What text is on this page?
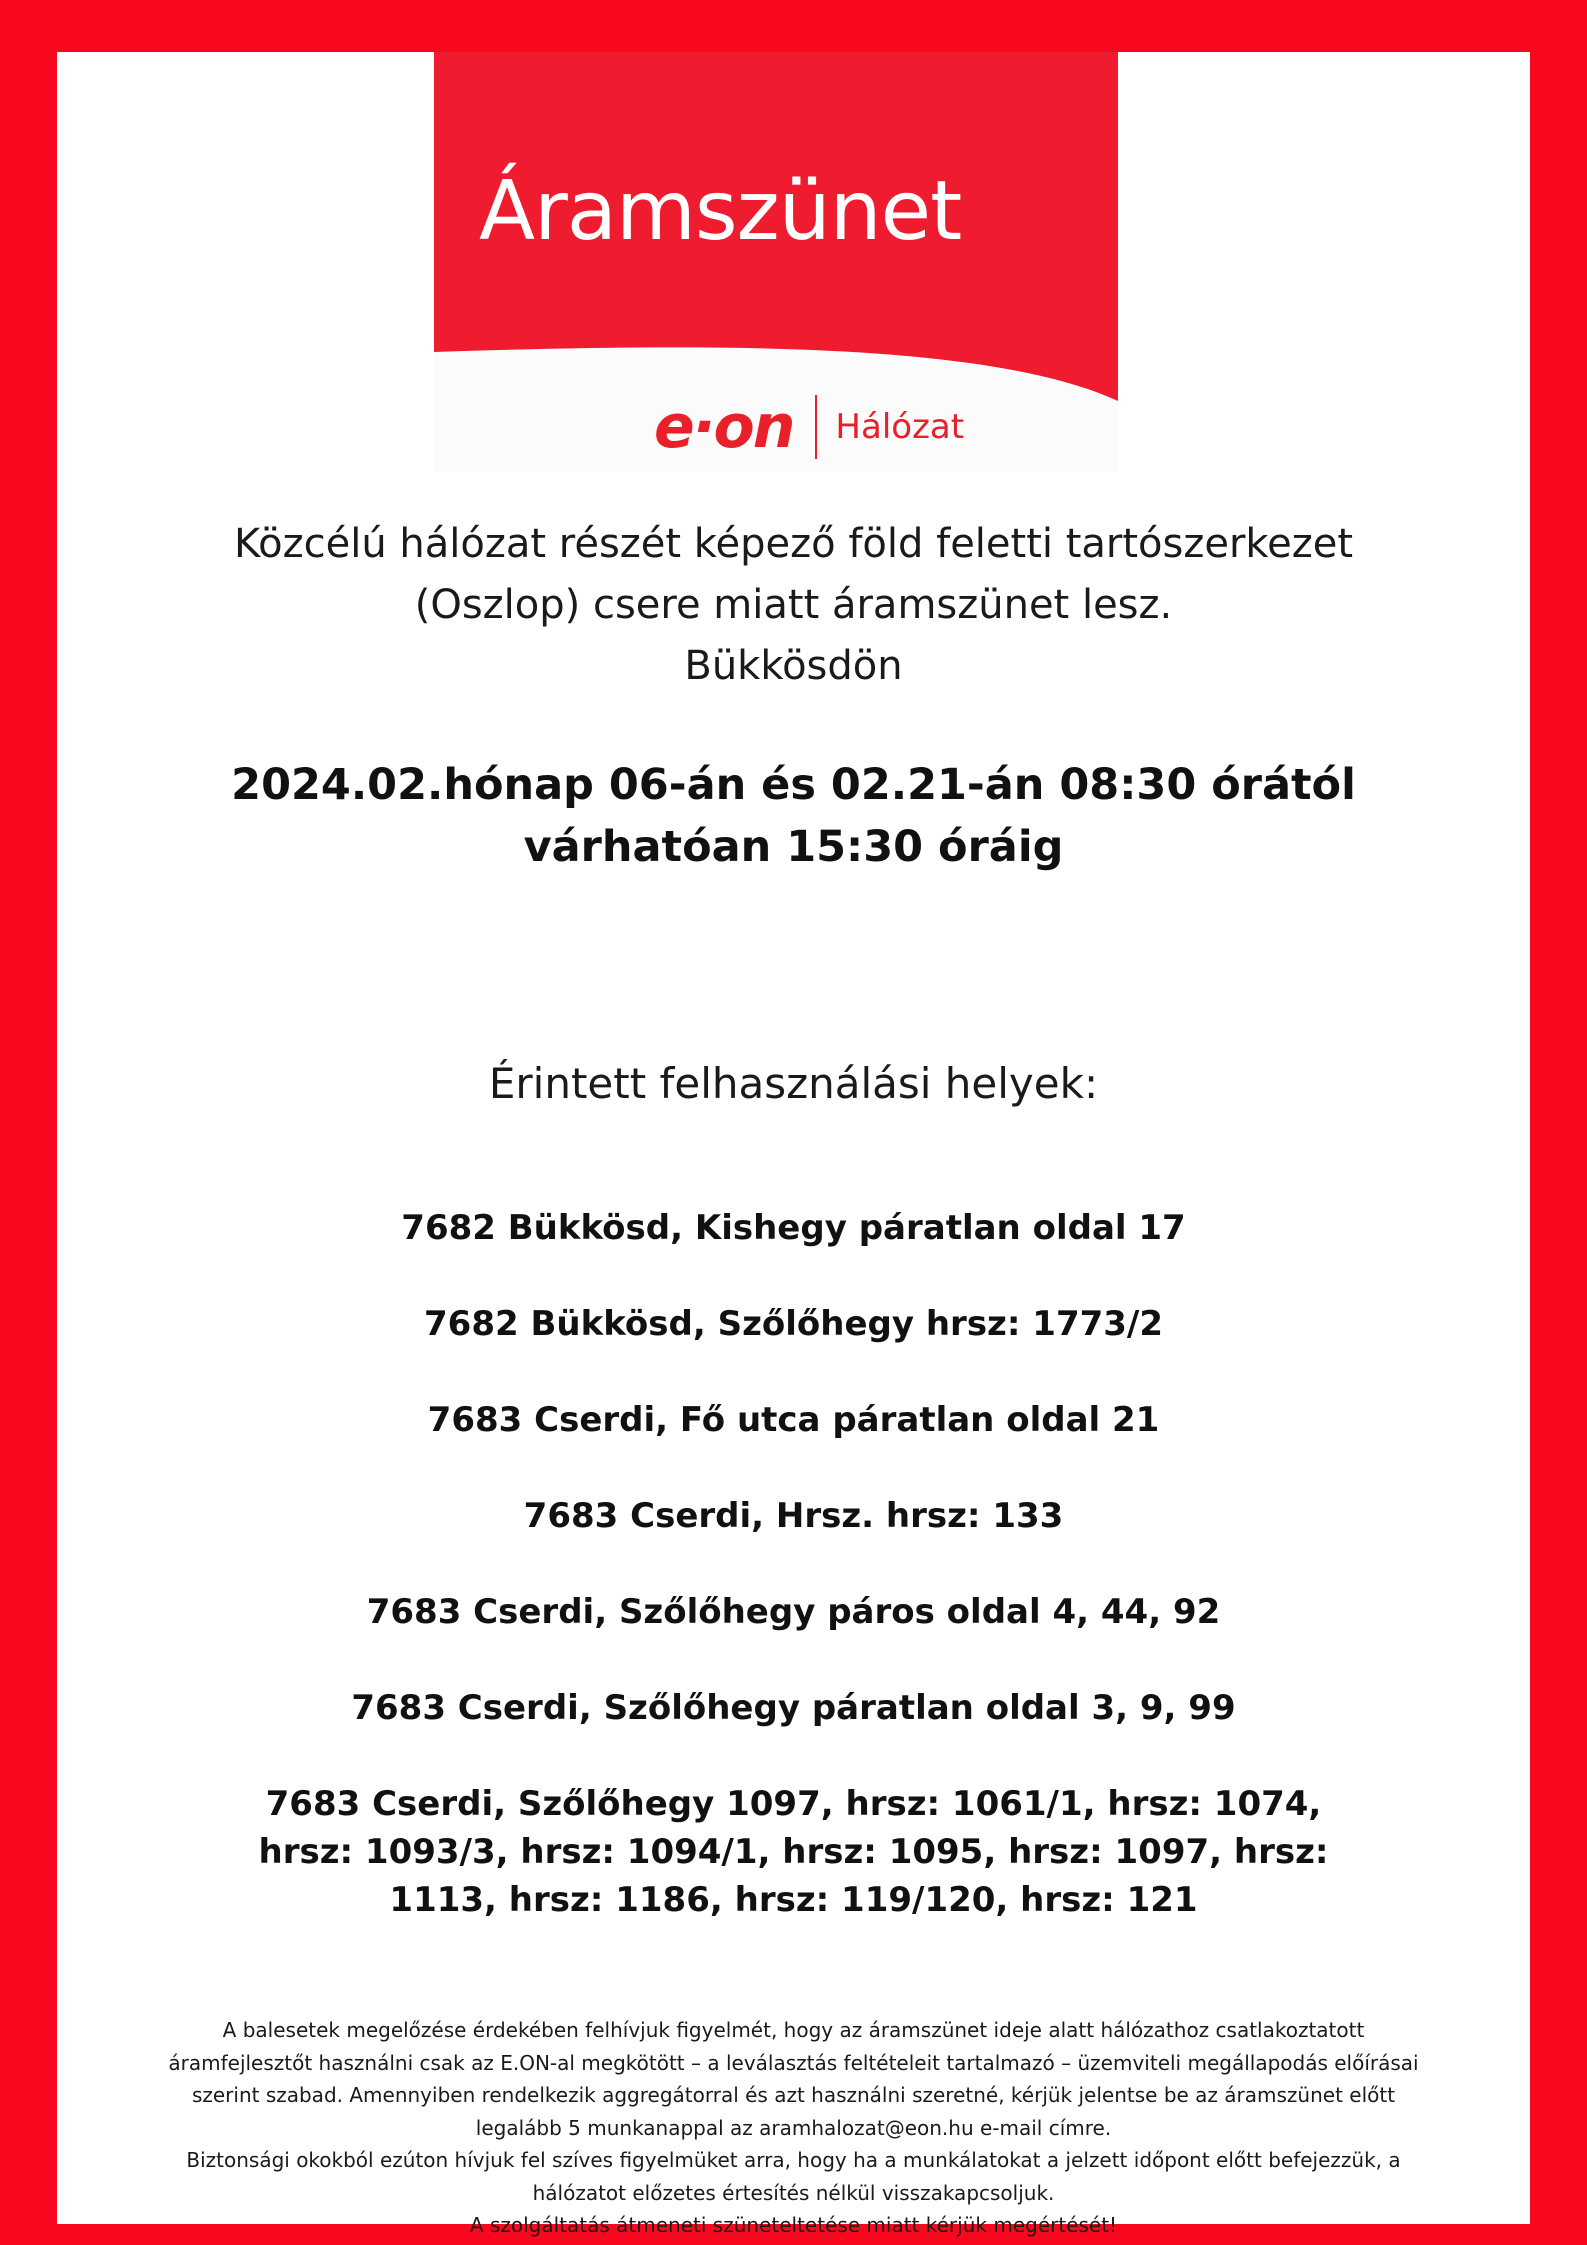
Áramszünet
e·on Hálózat
Közcélú hálózat részét képező föld feletti tartószerkezet
(Oszlop) csere miatt áramszünet lesz.
Bükkösdön
2024.02.hónap 06-án és 02.21-án 08:30 órától
várhatóan 15:30 óráig
Érintett felhasználási helyek:
7682 Bükkösd, Kishegy páratlan oldal 17
7682 Bükkösd, Szőlőhegy hrsz: 1773/2
7683 Cserdi, Fő utca páratlan oldal 21
7683 Cserdi, Hrsz. hrsz: 133
7683 Cserdi, Szőlőhegy páros oldal 4, 44, 92
7683 Cserdi, Szőlőhegy páratlan oldal 3, 9, 99
7683 Cserdi, Szőlőhegy 1097, hrsz: 1061/1, hrsz: 1074, hrsz: 1093/3, hrsz: 1094/1, hrsz: 1095, hrsz: 1097, hrsz: 1113, hrsz: 1186, hrsz: 119/120, hrsz: 121
A balesetek megelőzése érdekében felhívjuk figyelmét, hogy az áramszünet ideje alatt hálózathoz csatlakoztatott áramfejlesztőt használni csak az E.ON-al megkötött – a leválasztás feltételeit tartalmazó – üzemviteli megállapodás előírásai szerint szabad. Amennyiben rendelkezik aggregátorral és azt használni szeretné, kérjük jelentse be az áramszünet előtt legalább 5 munkanappal az aramhalozat@eon.hu e-mail címre.
Biztonsági okokból ezúton hívjuk fel szíves figyelmüket arra, hogy ha a munkálatokat a jelzett időpont előtt befejezzük, a hálózatot előzetes értesítés nélkül visszakapcsoljuk.
A szolgáltatás átmeneti szüneteltetése miatt kérjük megértését!
